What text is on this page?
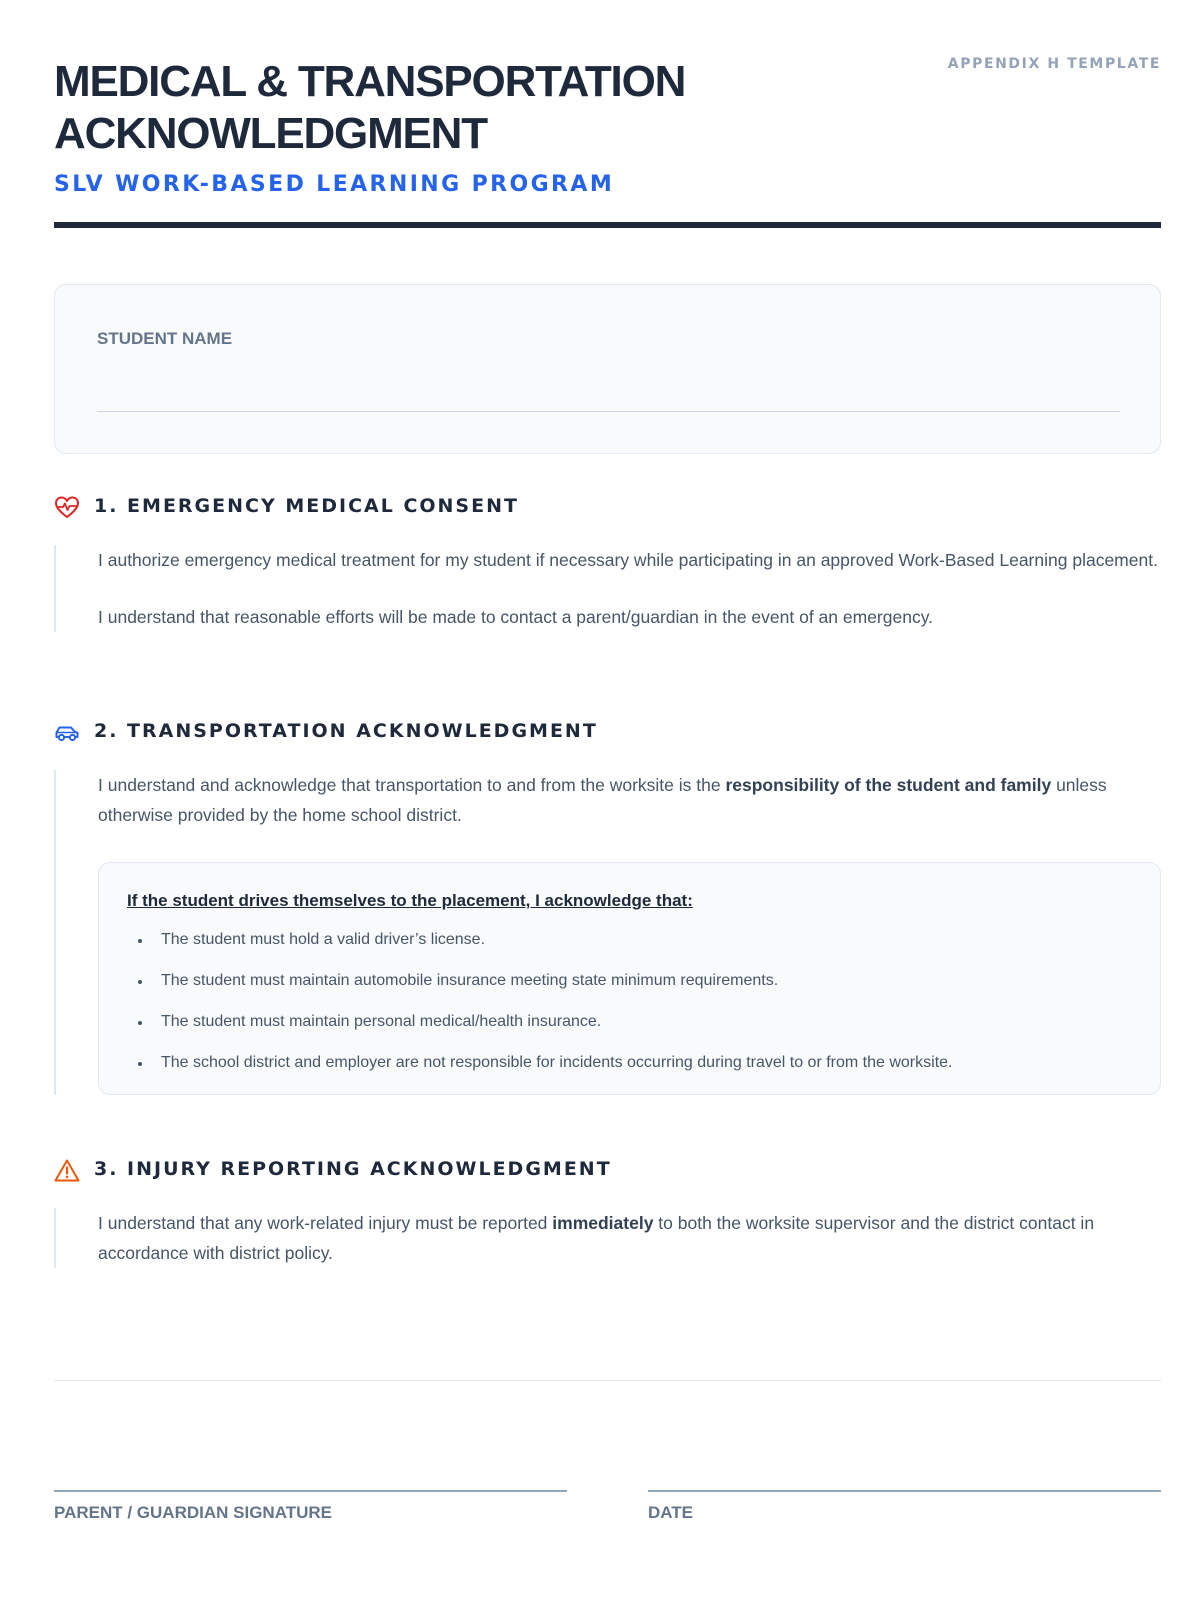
MEDICAL & TRANSPORTATION
ACKNOWLEDGMENT
SLV WORK-BASED LEARNING PROGRAM
APPENDIX H TEMPLATE
STUDENT NAME
1. EMERGENCY MEDICAL CONSENT

I authorize emergency medical treatment for my student if necessary while participating in an approved Work-Based Learning placement.

I understand that reasonable efforts will be made to contact a parent/guardian in the event of an emergency.

2. TRANSPORTATION ACKNOWLEDGMENT

I understand and acknowledge that transportation to and from the worksite is the responsibility of the student and family unless otherwise provided by the home school district.

If the student drives themselves to the placement, I acknowledge that:
The student must hold a valid driver’s license.
The student must maintain automobile insurance meeting state minimum requirements.
The student must maintain personal medical/health insurance.
The school district and employer are not responsible for incidents occurring during travel to or from the worksite.
3. INJURY REPORTING ACKNOWLEDGMENT

I understand that any work-related injury must be reported immediately to both the worksite supervisor and the district contact in accordance with district policy.

PARENT / GUARDIAN SIGNATURE	DATE
